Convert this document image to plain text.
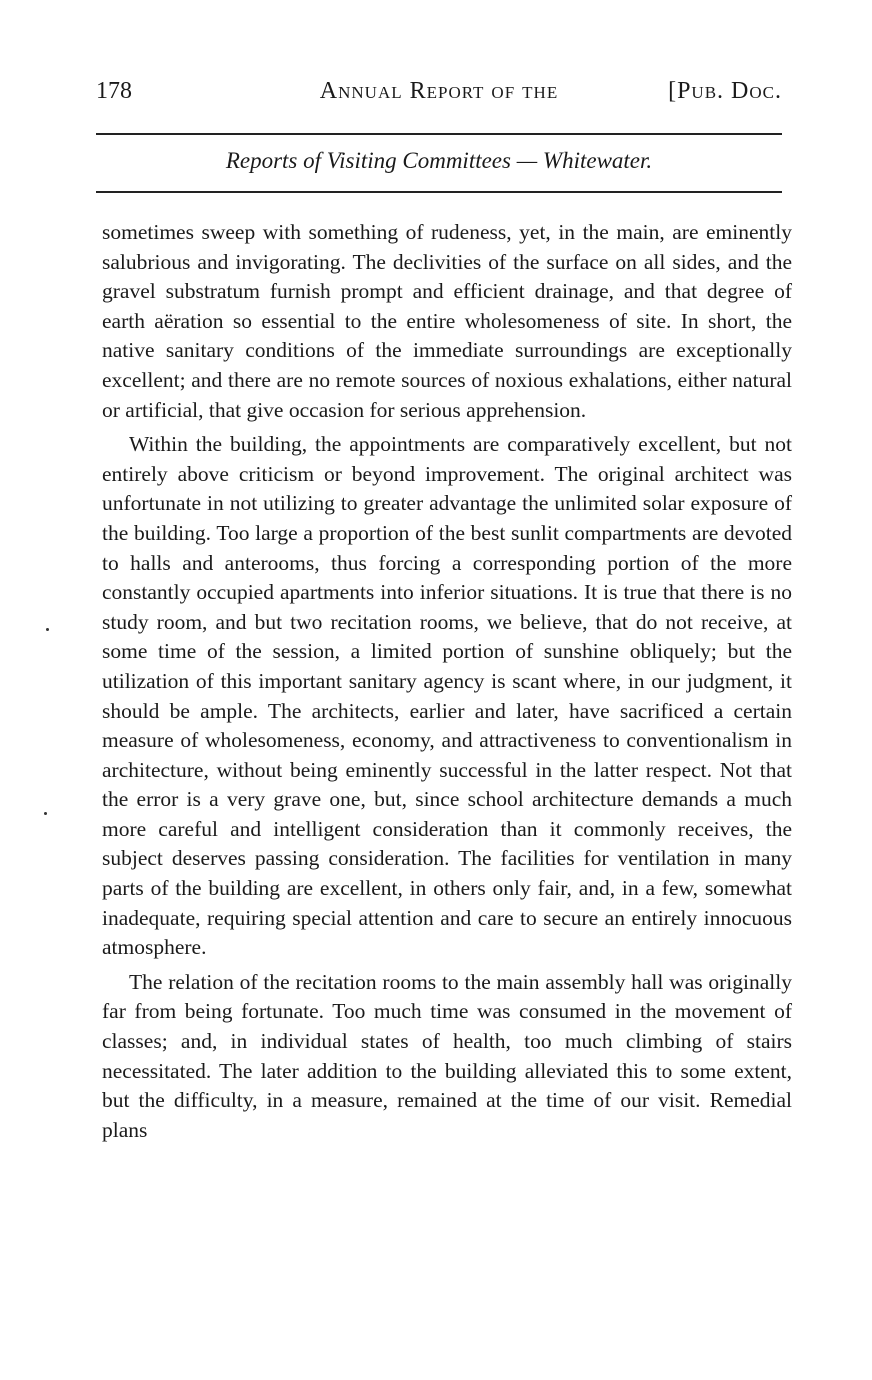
178	Annual Report of the	[Pub. Doc.
Reports of Visiting Committees — Whitewater.

sometimes sweep with something of rudeness, yet, in the main, are eminently salubrious and invigorating. The declivities of the surface on all sides, and the gravel substratum furnish prompt and efficient drainage, and that degree of earth aëration so essential to the entire wholesomeness of site. In short, the native sanitary conditions of the immediate surroundings are exceptionally excellent; and there are no remote sources of noxious exhalations, either natural or artificial, that give occasion for serious apprehension.

Within the building, the appointments are comparatively excellent, but not entirely above criticism or beyond improvement. The original architect was unfortunate in not utilizing to greater advantage the unlimited solar exposure of the building. Too large a proportion of the best sunlit compartments are devoted to halls and anterooms, thus forcing a corresponding portion of the more constantly occupied apartments into inferior situations. It is true that there is no study room, and but two recitation rooms, we believe, that do not receive, at some time of the session, a limited portion of sunshine obliquely; but the utilization of this important sanitary agency is scant where, in our judgment, it should be ample. The architects, earlier and later, have sacrificed a certain measure of wholesomeness, economy, and attractiveness to conventionalism in architecture, without being eminently successful in the latter respect. Not that the error is a very grave one, but, since school architecture demands a much more careful and intelligent consideration than it commonly receives, the subject deserves passing consideration. The facilities for ventilation in many parts of the building are excellent, in others only fair, and, in a few, somewhat inadequate, requiring special attention and care to secure an entirely innocuous atmosphere.

The relation of the recitation rooms to the main assembly hall was originally far from being fortunate. Too much time was consumed in the movement of classes; and, in individual states of health, too much climbing of stairs necessitated. The later addition to the building alleviated this to some extent, but the difficulty, in a measure, remained at the time of our visit. Remedial plans
